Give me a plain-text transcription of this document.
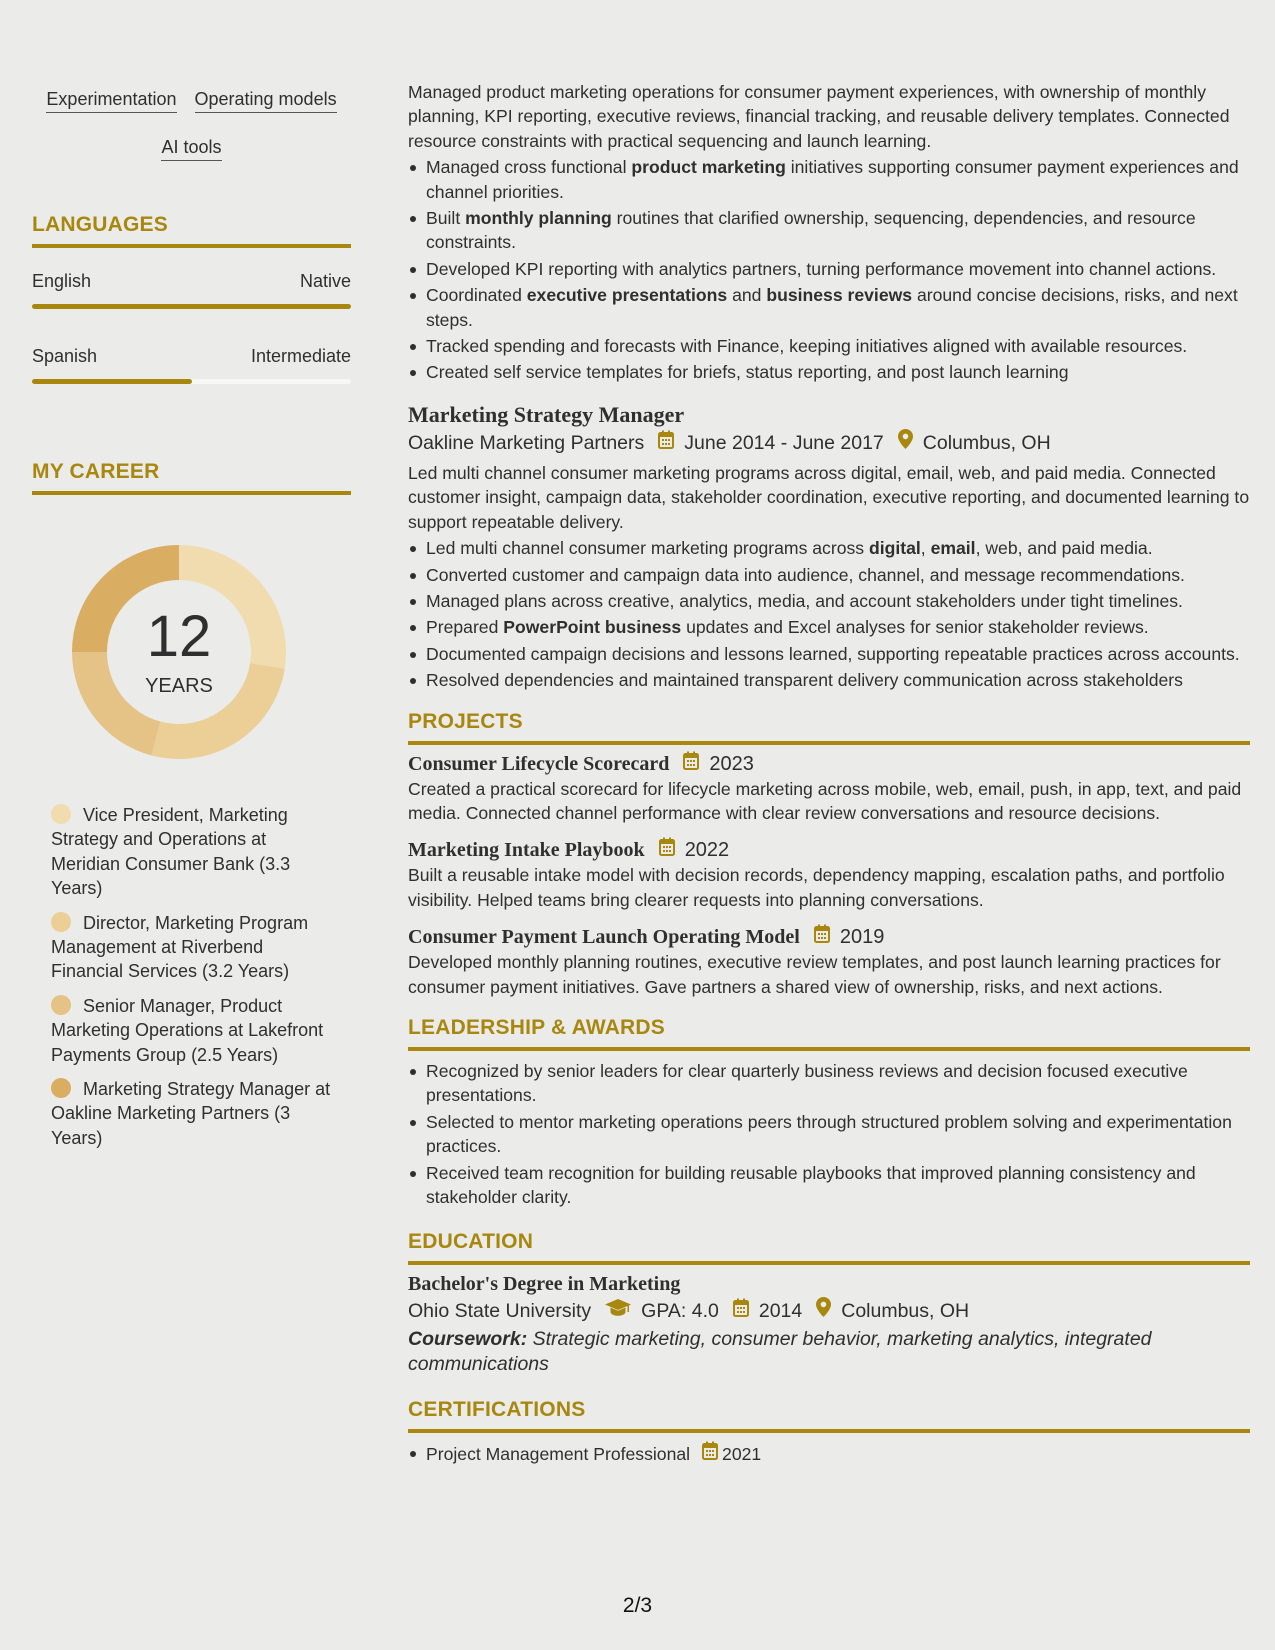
Experimentation Operating models
AI tools
LANGUAGES
English	Native
Spanish	Intermediate
MY CAREER
12
YEARS
Vice President, Marketing Strategy and Operations at Meridian Consumer Bank (3.3 Years)
Director, Marketing Program Management at Riverbend Financial Services (3.2 Years)
Senior Manager, Product Marketing Operations at Lakefront Payments Group (2.5 Years)
Marketing Strategy Manager at Oakline Marketing Partners (3 Years)

Managed product marketing operations for consumer payment experiences, with ownership of monthly planning, KPI reporting, executive reviews, financial tracking, and reusable delivery templates. Connected resource constraints with practical sequencing and launch learning.

Managed cross functional product marketing initiatives supporting consumer payment experiences and channel priorities.
Built monthly planning routines that clarified ownership, sequencing, dependencies, and resource constraints.
Developed KPI reporting with analytics partners, turning performance movement into channel actions.
Coordinated executive presentations and business reviews around concise decisions, risks, and next steps.
Tracked spending and forecasts with Finance, keeping initiatives aligned with available resources.
Created self service templates for briefs, status reporting, and post launch learning
Marketing Strategy Manager
Oakline Marketing Partners June 2014 - June 2017 Columbus, OH

Led multi channel consumer marketing programs across digital, email, web, and paid media. Connected customer insight, campaign data, stakeholder coordination, executive reporting, and documented learning to support repeatable delivery.

Led multi channel consumer marketing programs across digital, email, web, and paid media.
Converted customer and campaign data into audience, channel, and message recommendations.
Managed plans across creative, analytics, media, and account stakeholders under tight timelines.
Prepared PowerPoint business updates and Excel analyses for senior stakeholder reviews.
Documented campaign decisions and lessons learned, supporting repeatable practices across accounts.
Resolved dependencies and maintained transparent delivery communication across stakeholders
PROJECTS
Consumer Lifecycle Scorecard 2023

Created a practical scorecard for lifecycle marketing across mobile, web, email, push, in app, text, and paid media. Connected channel performance with clear review conversations and resource decisions.

Marketing Intake Playbook 2022

Built a reusable intake model with decision records, dependency mapping, escalation paths, and portfolio visibility. Helped teams bring clearer requests into planning conversations.

Consumer Payment Launch Operating Model 2019

Developed monthly planning routines, executive review templates, and post launch learning practices for consumer payment initiatives. Gave partners a shared view of ownership, risks, and next actions.

LEADERSHIP & AWARDS
Recognized by senior leaders for clear quarterly business reviews and decision focused executive presentations.
Selected to mentor marketing operations peers through structured problem solving and experimentation practices.
Received team recognition for building reusable playbooks that improved planning consistency and stakeholder clarity.
EDUCATION
Bachelor's Degree in Marketing
Ohio State University	GPA: 4.0 2014 Columbus, OH

Coursework: Strategic marketing, consumer behavior, marketing analytics, integrated communications

CERTIFICATIONS
Project Management Professional 2021
2/3
